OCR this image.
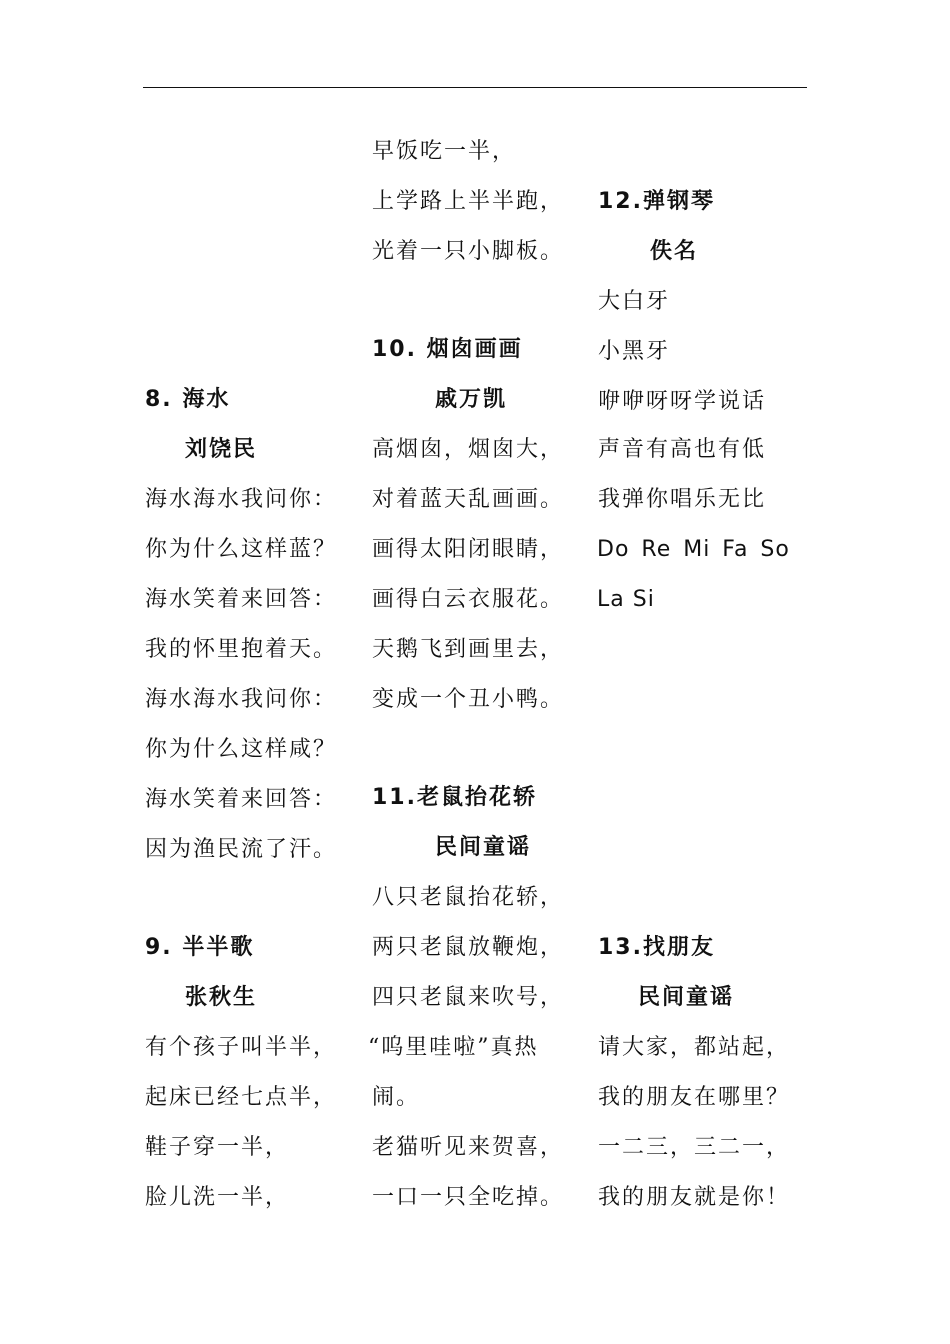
8. 海水
刘饶民
海水海水我问你：
你为什么这样蓝？
海水笑着来回答：
我的怀里抱着天。
海水海水我问你：
你为什么这样咸？
海水笑着来回答：
因为渔民流了汗。
9. 半半歌
张秋生
有个孩子叫半半，
起床已经七点半，
鞋子穿一半，
脸儿洗一半，
早饭吃一半，
上学路上半半跑，
光着一只小脚板。
10. 烟囱画画
戚万凯
高烟囱，烟囱大，
对着蓝天乱画画。
画得太阳闭眼睛，
画得白云衣服花。
天鹅飞到画里去，
变成一个丑小鸭。
11.老鼠抬花轿
民间童谣
八只老鼠抬花轿，
两只老鼠放鞭炮，
四只老鼠来吹号，
“呜里哇啦”真热
闹。
老猫听见来贺喜，
一口一只全吃掉。
12.弹钢琴
佚名
大白牙
小黑牙
咿咿呀呀学说话
声音有高也有低
我弹你唱乐无比
Do Re Mi Fa So
La Si
13.找朋友
民间童谣
请大家，都站起，
我的朋友在哪里？
一二三，三二一，
我的朋友就是你！
